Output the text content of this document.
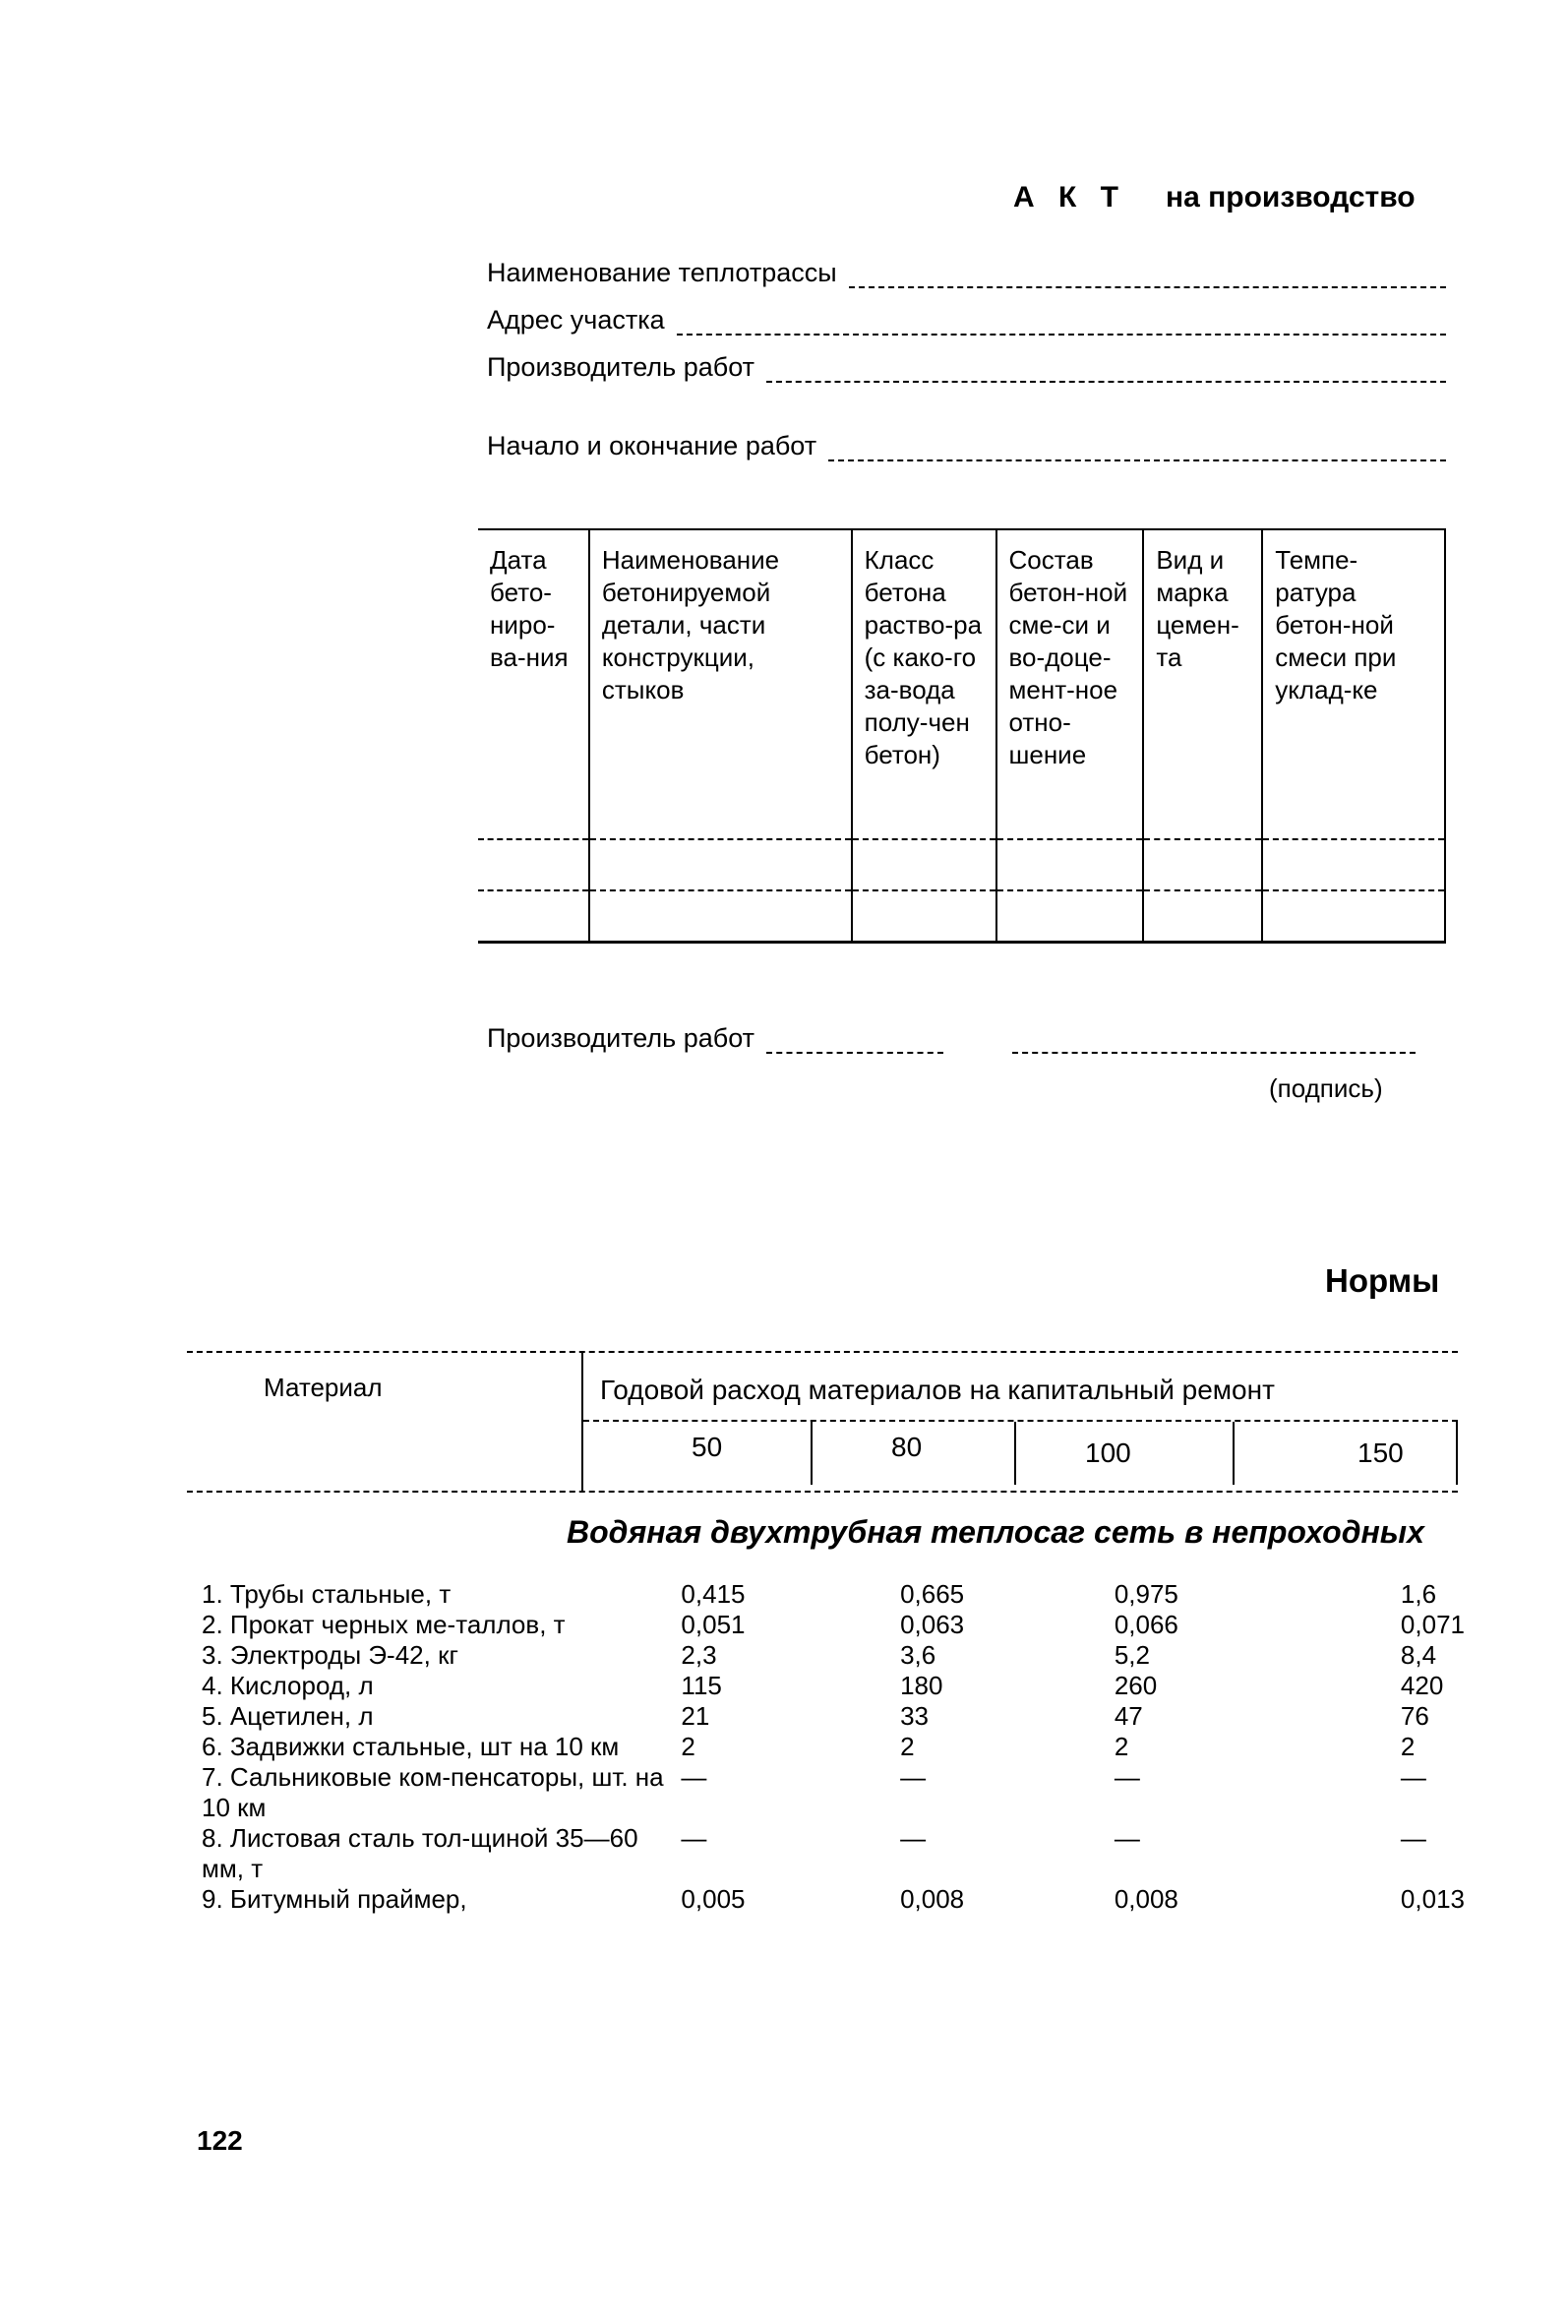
А К Т на производство
Наименование теплотрассы
Адрес участка
Производитель работ
Начало и окончание работ
Дата бето-ниро-ва-ния	Наименование бетонируемой детали, части конструкции, стыков	Класс бетона раство-ра (с како-го за-вода полу-чен бетон)	Состав бетон-ной сме-си и во-доце-мент-ное отно-шение	Вид и марка цемен-та	Темпе-ратура бетон-ной смеси при уклад-ке

Производитель работ
(подпись)
Нормы
Материал	Годовой расход материалов на капитальный ремонт
50	80	100	150
Водяная двухтрубная теплосаг сеть в непроходных
1. Трубы стальные, т	0,415	0,665	0,975	1,6
2. Прокат черных ме-таллов, т	0,051	0,063	0,066	0,071
3. Электроды Э-42, кг	2,3	3,6	5,2	8,4
4. Кислород, л	115	180	260	420
5. Ацетилен, л	21	33	47	76
6. Задвижки стальные, шт на 10 км	2	2	2	2
7. Сальниковые ком-пенсаторы, шт. на 10 км	—	—	—	—
8. Листовая сталь тол-щиной 35—60 мм, т	—	—	—	—
9. Битумный праймер,	0,005	0,008	0,008	0,013
122
